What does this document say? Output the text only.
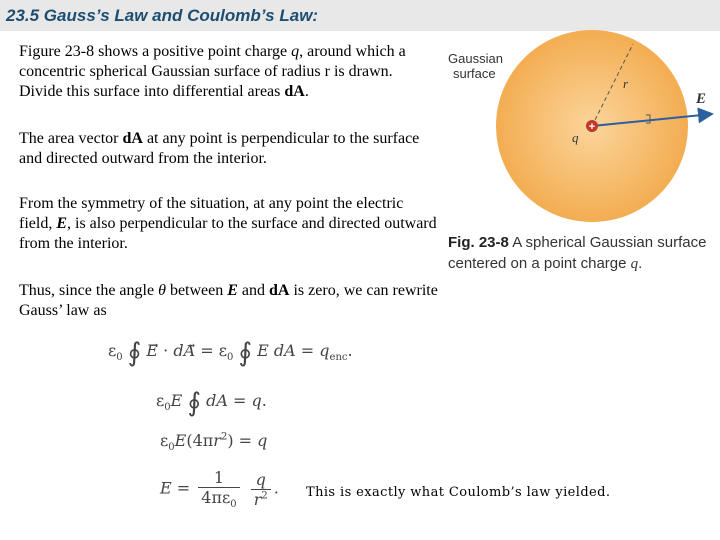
23.5 Gauss’s Law and Coulomb’s Law:
Figure 23-8 shows a positive point charge q, around which a concentric spherical Gaussian surface of radius r is drawn. Divide this surface into differential areas dA.
The area vector dA at any point is perpendicular to the surface and directed outward from the interior.
From the symmetry of the situation, at any point the electric field, E, is also perpendicular to the surface and directed outward from the interior.
Thus, since the angle θ between E and dA is zero, we can rewrite Gauss’ law as
+
Gaussian
surface
r
q
E
Fig. 23-8 A spherical Gaussian surface centered on a point charge q.
$\varepsilon_0$ ∮ E⃗ · dA⃗ = $\varepsilon_0$ ∮ E dA = $q_{enc}$.
$\varepsilon_0E$ ∮ dA = q.
$\varepsilon_0E(4\pi r^2) = q$
$E = \frac{1}{4\pi\varepsilon_0}$
$\frac{q}{r^2}$ . This is exactly what Coulomb’s law yielded.
